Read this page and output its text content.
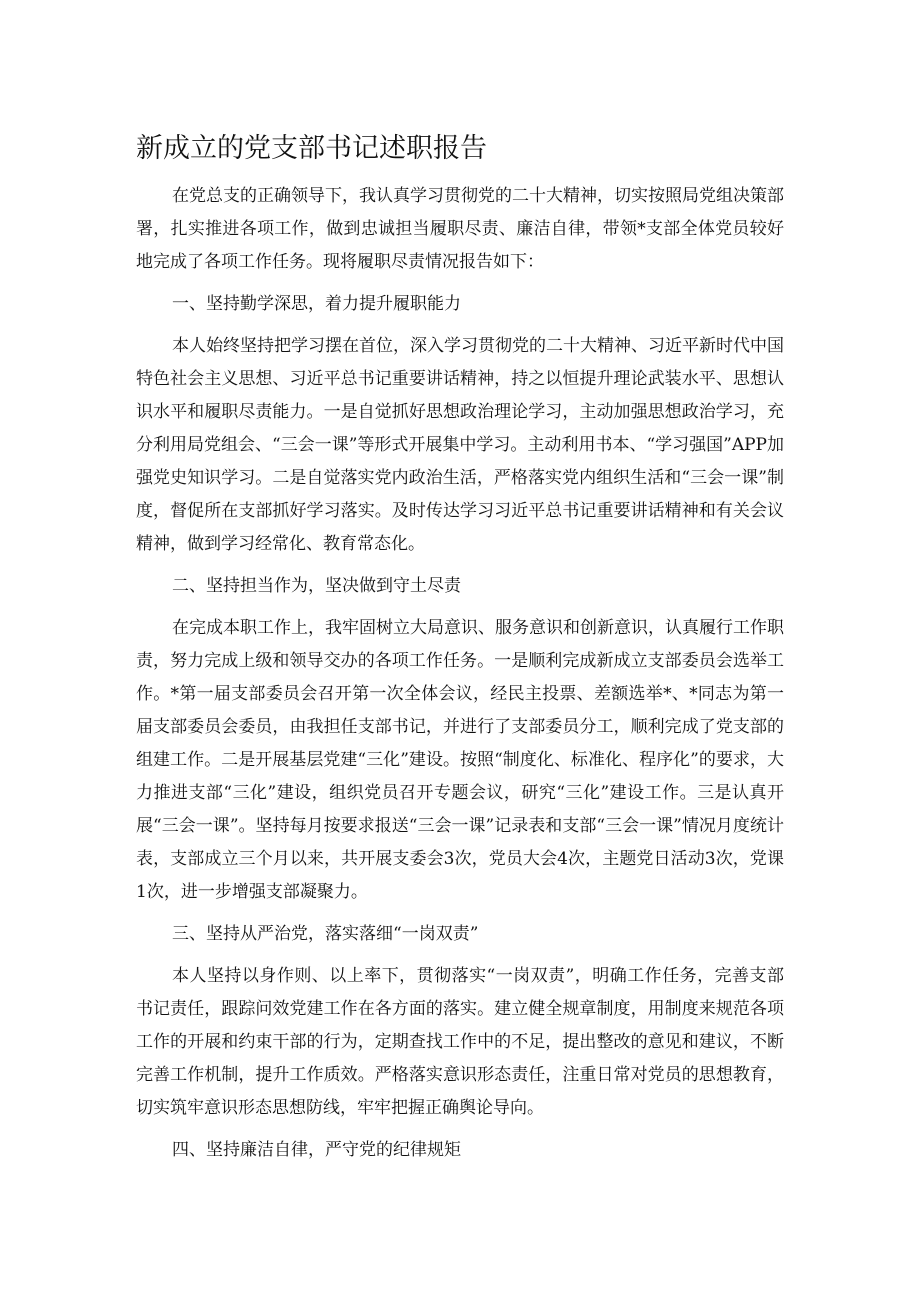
新成立的党支部书记述职报告

在党总支的正确领导下，我认真学习贯彻党的二十大精神，切实按照局党组决策部署，扎实推进各项工作，做到忠诚担当履职尽责、廉洁自律，带领*支部全体党员较好地完成了各项工作任务。现将履职尽责情况报告如下：

一、坚持勤学深思，着力提升履职能力

本人始终坚持把学习摆在首位，深入学习贯彻党的二十大精神、习近平新时代中国特色社会主义思想、习近平总书记重要讲话精神，持之以恒提升理论武装水平、思想认识水平和履职尽责能力。一是自觉抓好思想政治理论学习，主动加强思想政治学习，充分利用局党组会、“三会一课”等形式开展集中学习。主动利用书本、“学习强国”APP加强党史知识学习。二是自觉落实党内政治生活，严格落实党内组织生活和“三会一课”制度，督促所在支部抓好学习落实。及时传达学习习近平总书记重要讲话精神和有关会议精神，做到学习经常化、教育常态化。

二、坚持担当作为，坚决做到守土尽责

在完成本职工作上，我牢固树立大局意识、服务意识和创新意识，认真履行工作职责，努力完成上级和领导交办的各项工作任务。一是顺利完成新成立支部委员会选举工作。*第一届支部委员会召开第一次全体会议，经民主投票、差额选举*、*同志为第一届支部委员会委员，由我担任支部书记，并进行了支部委员分工，顺利完成了党支部的组建工作。二是开展基层党建“三化”建设。按照“制度化、标准化、程序化”的要求，大力推进支部“三化”建设，组织党员召开专题会议，研究“三化”建设工作。三是认真开展“三会一课”。坚持每月按要求报送“三会一课”记录表和支部“三会一课”情况月度统计表，支部成立三个月以来，共开展支委会3次，党员大会4次，主题党日活动3次，党课1次，进一步增强支部凝聚力。

三、坚持从严治党，落实落细“一岗双责”

本人坚持以身作则、以上率下，贯彻落实“一岗双责”，明确工作任务，完善支部书记责任，跟踪问效党建工作在各方面的落实。建立健全规章制度，用制度来规范各项工作的开展和约束干部的行为，定期查找工作中的不足，提出整改的意见和建议，不断完善工作机制，提升工作质效。严格落实意识形态责任，注重日常对党员的思想教育，切实筑牢意识形态思想防线，牢牢把握正确舆论导向。

四、坚持廉洁自律，严守党的纪律规矩
